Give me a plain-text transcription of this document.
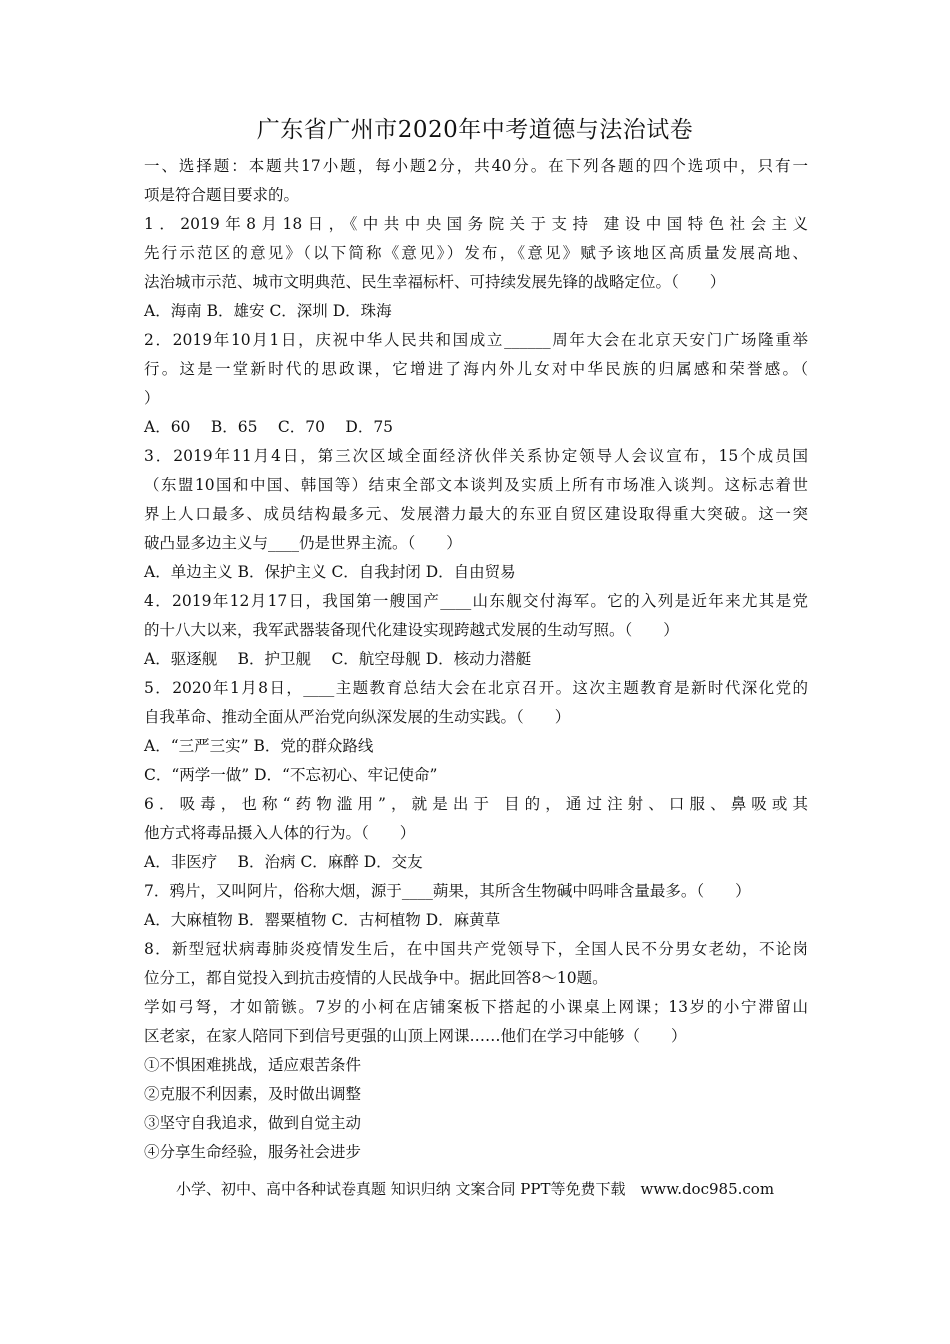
广东省广州市2020年中考道德与法治试卷
一、选择题：本题共17小题，每小题2分，共40分。在下列各题的四个选项中，只有一
项是符合题目要求的。
1．2019年8月18日，《中共中央国务院关于支持 建设中国特色社会主义
先行示范区的意见》（以下简称《意见》）发布，《意见》赋予该地区高质量发展高地、
法治城市示范、城市文明典范、民生幸福标杆、可持续发展先锋的战略定位。（　　）
A．海南 B．雄安 C．深圳 D．珠海
2．2019年10月1日，庆祝中华人民共和国成立______周年大会在北京天安门广场隆重举
行。这是一堂新时代的思政课，它增进了海内外儿女对中华民族的归属感和荣誉感。（
）
A．60　 B．65　 C．70　 D．75
3．2019年11月4日，第三次区域全面经济伙伴关系协定领导人会议宣布，15个成员国
（东盟10国和中国、韩国等）结束全部文本谈判及实质上所有市场准入谈判。这标志着世
界上人口最多、成员结构最多元、发展潜力最大的东亚自贸区建设取得重大突破。这一突
破凸显多边主义与____仍是世界主流。（　　）
A．单边主义 B．保护主义 C．自我封闭 D．自由贸易
4．2019年12月17日，我国第一艘国产____山东舰交付海军。它的入列是近年来尤其是党
的十八大以来，我军武器装备现代化建设实现跨越式发展的生动写照。（　　）
A．驱逐舰　 B．护卫舰　 C．航空母舰 D．核动力潜艇
5．2020年1月8日，____主题教育总结大会在北京召开。这次主题教育是新时代深化党的
自我革命、推动全面从严治党向纵深发展的生动实践。（　　）
A．“三严三实” B．党的群众路线
C．“两学一做” D．“不忘初心、牢记使命”
6．吸毒，也称“药物滥用”，就是出于 目的，通过注射、口服、鼻吸或其
他方式将毒品摄入人体的行为。（　　）
A．非医疗　 B．治病 C．麻醉 D．交友
7．鸦片，又叫阿片，俗称大烟，源于____蒴果，其所含生物碱中吗啡含量最多。（　　）
A．大麻植物 B．罂粟植物 C．古柯植物 D．麻黄草
8．新型冠状病毒肺炎疫情发生后，在中国共产党领导下，全国人民不分男女老幼，不论岗
位分工，都自觉投入到抗击疫情的人民战争中。据此回答8～10题。
学如弓弩，才如箭镞。7岁的小柯在店铺案板下搭起的小课桌上网课；13岁的小宁滞留山
区老家，在家人陪同下到信号更强的山顶上网课……他们在学习中能够（　　）
①不惧困难挑战，适应艰苦条件
②克服不利因素，及时做出调整
③坚守自我追求，做到自觉主动
④分享生命经验，服务社会进步
小学、初中、高中各种试卷真题 知识归纳 文案合同 PPT等免费下载　www.doc985.com
